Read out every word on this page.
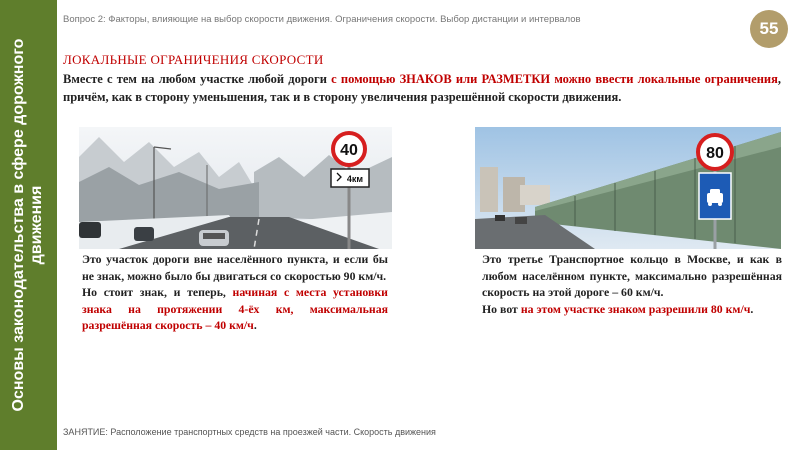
Основы законодательства в сфере дорожного движения
Вопрос 2: Факторы, влияющие на выбор скорости движения. Ограничения скорости. Выбор дистанции и интервалов	55
ЛОКАЛЬНЫЕ ОГРАНИЧЕНИЯ СКОРОСТИ
Вместе с тем на любом участке любой дороги с помощью ЗНАКОВ или РАЗМЕТКИ можно ввести локальные ограничения, причём, как в сторону уменьшения, так и в сторону увеличения разрешённой скорости движения.
40
4км
80

Это участок дороги вне населённого пункта, и если бы не знак, можно было бы двигаться со скоростью 90 км/ч.

Но стоит знак, и теперь, начиная с места установки знака на протяжении 4-ёх км, максимальная разрешённая скорость – 40 км/ч.

Это третье Транспортное кольцо в Москве, и как в любом населённом пункте, максимально разрешённая скорость на этой дороге – 60 км/ч.

Но вот на этом участке знаком разрешили 80 км/ч.

ЗАНЯТИЕ: Расположение транспортных средств на проезжей части. Скорость движения
